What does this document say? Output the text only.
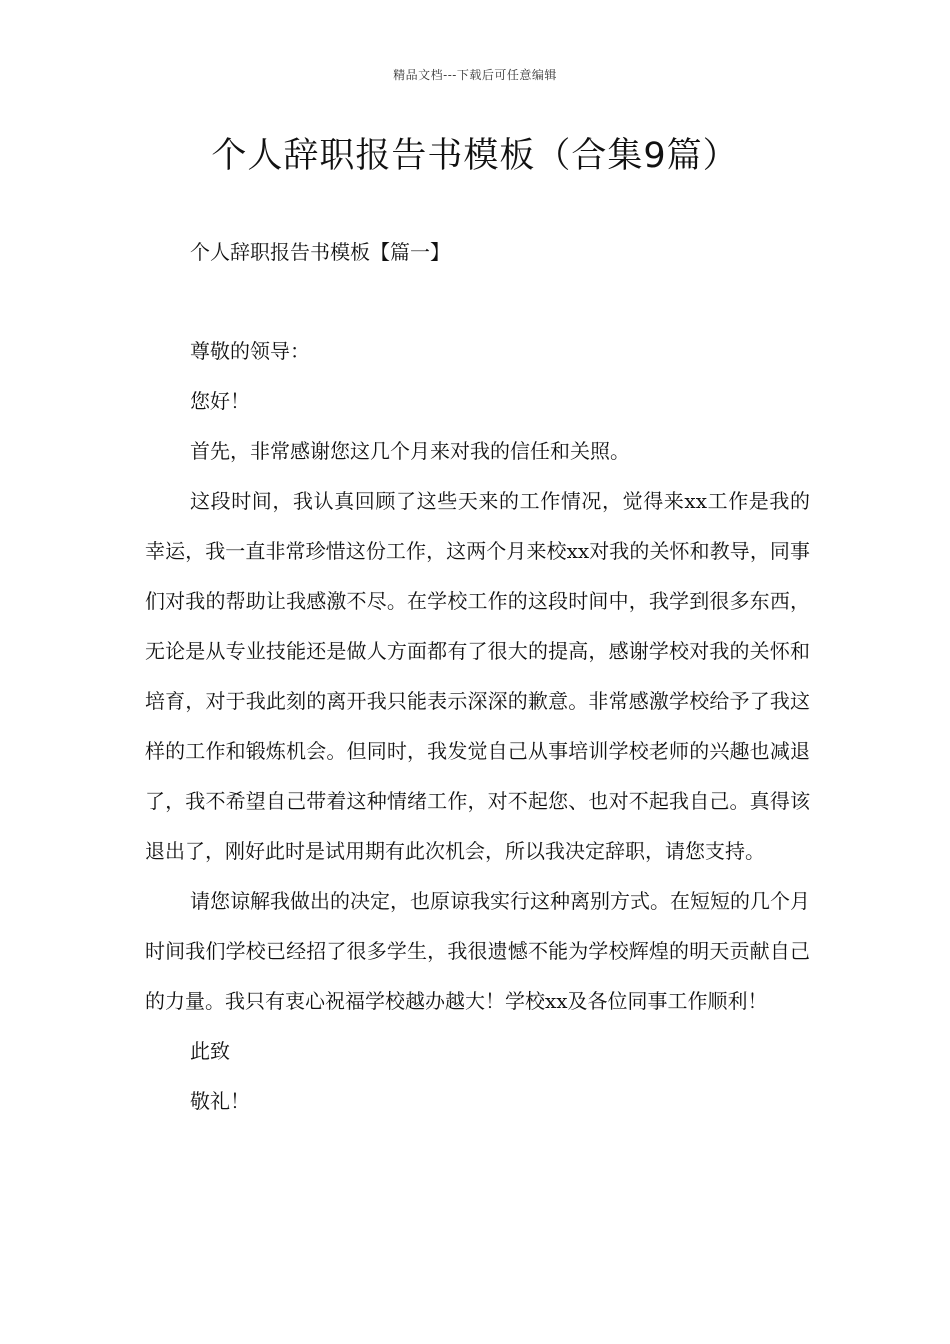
精品文档---下载后可任意编辑
个人辞职报告书模板（合集9篇）
个人辞职报告书模板【篇一】

尊敬的领导：

您好！

首先，非常感谢您这几个月来对我的信任和关照。

这段时间，我认真回顾了这些天来的工作情况，觉得来xx工作是我的幸运，我一直非常珍惜这份工作，这两个月来校xx对我的关怀和教导，同事们对我的帮助让我感激不尽。在学校工作的这段时间中，我学到很多东西，无论是从专业技能还是做人方面都有了很大的提高，感谢学校对我的关怀和培育，对于我此刻的离开我只能表示深深的歉意。非常感激学校给予了我这样的工作和锻炼机会。但同时，我发觉自己从事培训学校老师的兴趣也减退了，我不希望自己带着这种情绪工作，对不起您、也对不起我自己。真得该退出了，刚好此时是试用期有此次机会，所以我决定辞职，请您支持。

请您谅解我做出的决定，也原谅我实行这种离别方式。在短短的几个月时间我们学校已经招了很多学生，我很遗憾不能为学校辉煌的明天贡献自己的力量。我只有衷心祝福学校越办越大！学校xx及各位同事工作顺利！

此致

敬礼！
